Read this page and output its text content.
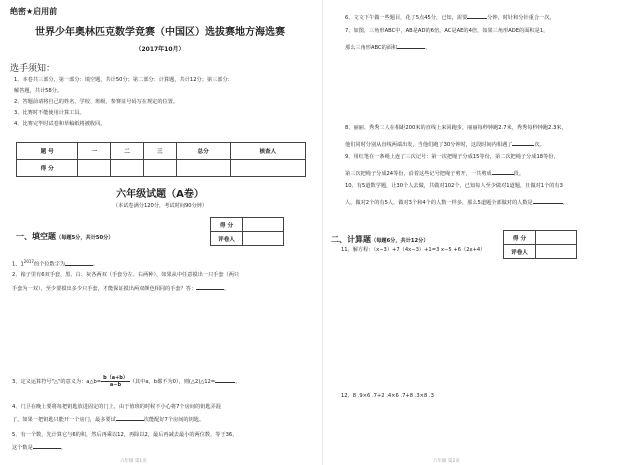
绝密★启用前
世界少年奥林匹克数学竞赛（中国区）选拔赛地方海选赛
（2017年10月）
选手须知：

1、本卷共三部分，第一部分：填空题，共计50分；第二部分：计算题，共计12分；第三部分：

解答题，共计58分。

2、答题前请将自己的姓名、学校、班级、参赛证号码写在规定的位置。

3、比赛时不能使用计算工具。

4、比赛完毕时试卷和草稿纸将被收回。

题 号	一	二	三	总分	核查人
得 分					
六年级试题（A卷）
（本试卷满分120分，考试时间90分钟）
一、填空题（每题5分，共计50分）
得 分	
评卷人	
1、$1^{2017}$的个位数字为	。
2、箱子里有6双手套，黑、白、灰各两双（手套分左、右两种），如果从中任意摸出一只手套（两只
手套为一双），至少要摸出多少只手套，才能保证摸出两双颜色相同的手套？答：	。
3、定义运算符号"△"的意义为：a△b= $\frac{b(a+b)}{a-b}$ （其中a，b都不为0），则(△2)△12=	。
4、门卫在晚上要将每把钥匙放进固定的门上，由于值班的时候不小心将7个房间的钥匙弄混
了，如果一把钥匙只能开一个房门，最多要试	次能配好7个房间的钥匙。
5、有一个数，先计算它与6的积，然后再乘以12，再除以2，最后再减去最小的两位数，等于36，
这个数是	。
六年级 第1页
6、文文下午做一些题目，花了5点45分，已知，需要	分钟，时针和分针重合一次。
7、如图，三角形ABC中，AB是AD的6倍，AC是AE的4倍，如果三角形ADE的面积是1，
那么三角形ABC的面积	。
8、丽丽、秀秀二人在相距200米的直线上来回跑步，丽丽每秒钟跑2.7米，秀秀每秒钟跑2.3米，
他们同时分别从直线两端出发，当他们跑了30分钟时，这段时间内相遇了	次。
9、用红笔在一条绳上连了三次记号：第一次把绳子分成15等份，第二次把绳子分成18等份，
第三次把绳子分成24等份，沿着这些记号把绳子剪开，一共剪成	段。
10、有5道数学题，让30个人去做，共做对102个，已知每人至少做对1道题，且做对1个的有3
人，做对2个的有5人，做对3个和4个的人数一样多，那么5道题全部做对的人数是	。
二、计算题（每题6分，共计12分）	得 分	
评卷人	
11、解方程：（x−3）+7（4x−3）+1=3 x−5 +6（2x+4）
12、8 .9×6 .7+2 .4×6 .7+8 .3×8 .3
六年级 第2页
